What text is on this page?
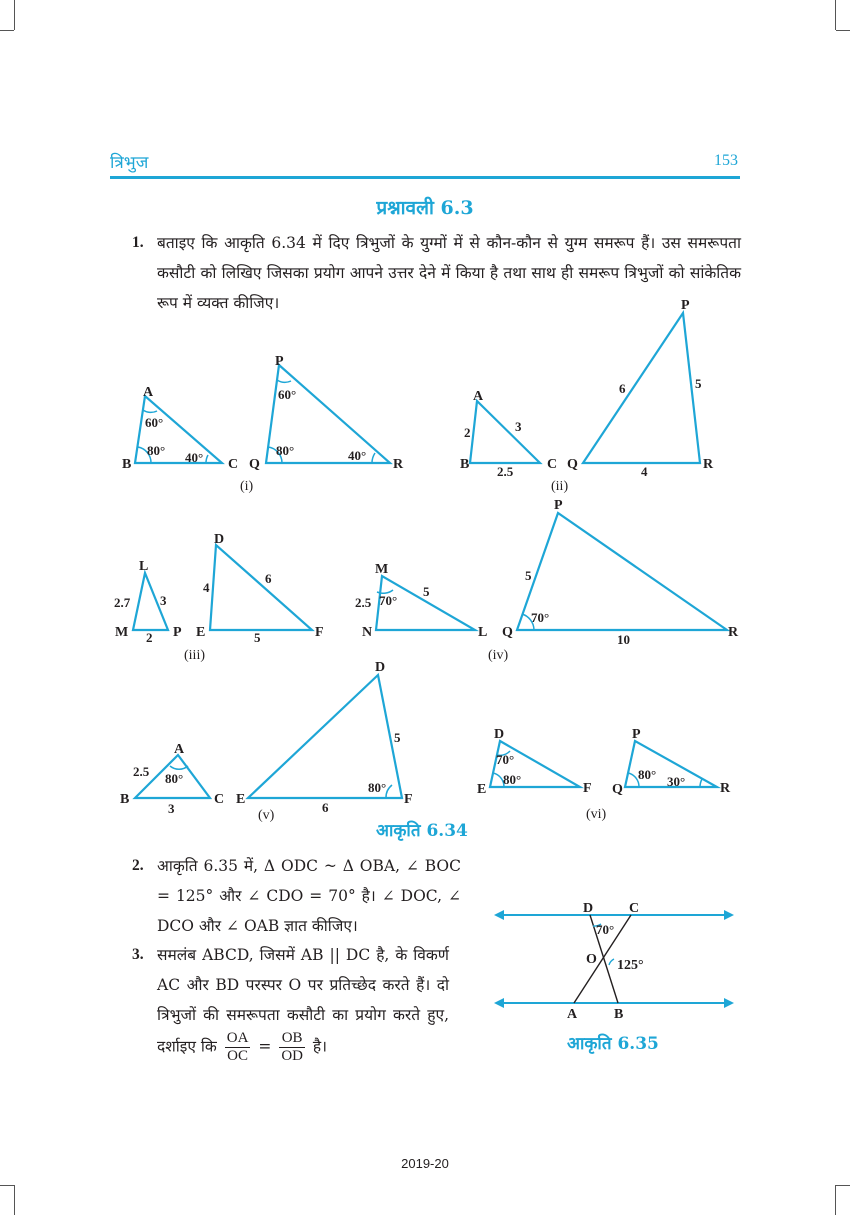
त्रिभुज	153
प्रश्नावली 6.3
1. बताइए कि आकृति 6.34 में दिए त्रिभुजों के युग्मों में से कौन-कौन से युग्म समरूप हैं। उस समरूपता कसौटी को लिखिए जिसका प्रयोग आपने उत्तर देने में किया है तथा साथ ही समरूप त्रिभुजों को सांकेतिक रूप में व्यक्त कीजिए।
A
B	C
60°
80° 40°
P
Q	R
60°
80°	40°
(i)
A
B	C
2	3
2.5
P
Q	R
6	5
4
(ii)
L
M	P
2.7 3
2
D
E	F
4
6
5
(iii)
M
N	L
2.5
5
70°
P
Q	R
5
10
70°
(iv)
A
B	C
2.5
3
80°
D
E	F
5
6
80°
(v)
D
E	F
70°
80°
P
Q	R
80° 30°
(vi)
आकृति 6.34
2. आकृति 6.35 में, Δ ODC ~ Δ OBA, ∠ BOC = 125° और ∠ CDO = 70° है। ∠ DOC, ∠ DCO और ∠ OAB ज्ञात कीजिए।
3. समलंब ABCD, जिसमें AB || DC है, के विकर्ण AC और BD परस्पर O पर प्रतिच्छेद करते हैं। दो त्रिभुजों की समरूपता कसौटी का प्रयोग करते हुए, दर्शाइए कि $\frac{OA}{OC} = \frac{OB}{OD}$ है।
D	C
O
A	B
70°
125°
आकृति 6.35
2019-20
